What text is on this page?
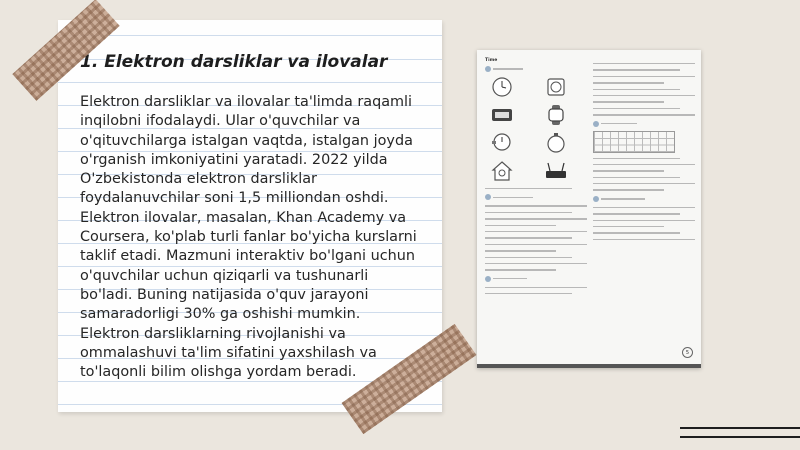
1. Elektron darsliklar va ilovalar

Elektron darsliklar va ilovalar ta'limda raqamli inqilobni ifodalaydi. Ular o'quvchilar va o'qituvchilarga istalgan vaqtda, istalgan joyda o'rganish imkoniyatini yaratadi. 2022 yilda O'zbekistonda elektron darsliklar foydalanuvchilar soni 1,5 milliondan oshdi. Elektron ilovalar, masalan, Khan Academy va Coursera, ko'plab turli fanlar bo'yicha kurslarni taklif etadi. Mazmuni interaktiv bo'lgani uchun o'quvchilar uchun qiziqarli va tushunarli bo'ladi. Buning natijasida o'quv jarayoni samaradorligi 30% ga oshishi mumkin. Elektron darsliklarning rivojlanishi va ommalashuvi ta'lim sifatini yaxshilash va to'laqonli bilim olishga yordam beradi.

Time
5
